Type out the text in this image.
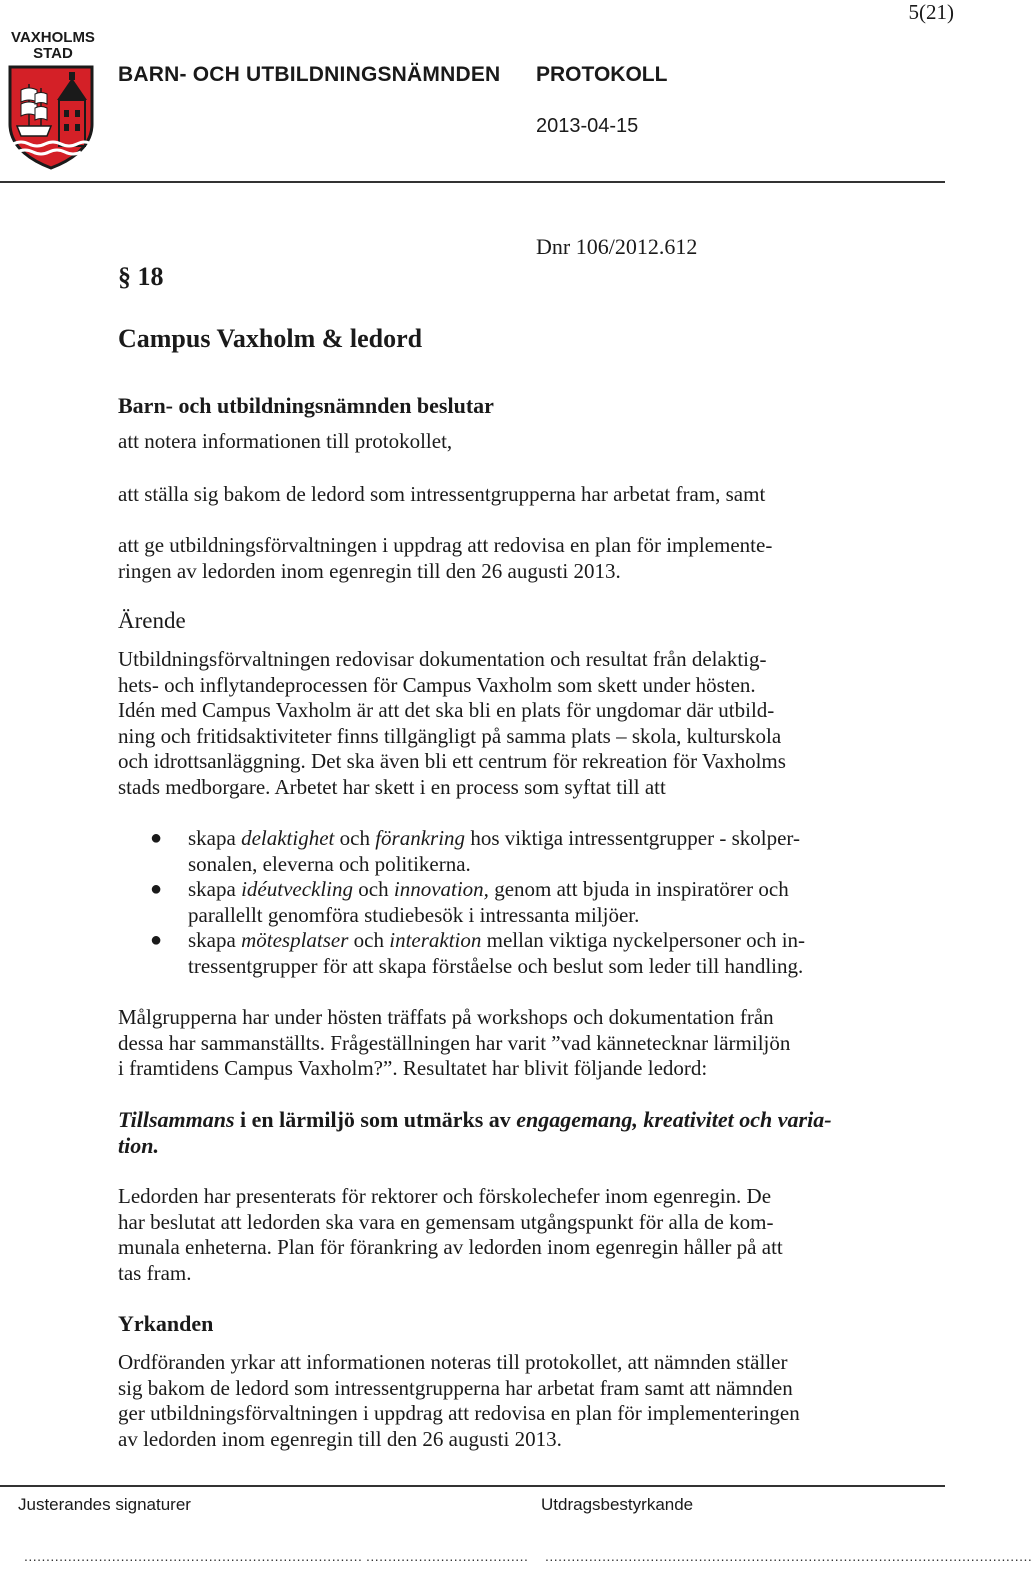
5(21)
VAXHOLMS
STAD
BARN- OCH UTBILDNINGSNÄMNDEN PROTOKOLL
2013-04-15
Dnr 106/2012.612
§ 18
Campus Vaxholm & ledord
Barn- och utbildningsnämnden beslutar
att notera informationen till protokollet,
att ställa sig bakom de ledord som intressentgrupperna har arbetat fram, samt
att ge utbildningsförvaltningen i uppdrag att redovisa en plan för implemente-
ringen av ledorden inom egenregin till den 26 augusti 2013.
Ärende
Utbildningsförvaltningen redovisar dokumentation och resultat från delaktig-
hets- och inflytandeprocessen för Campus Vaxholm som skett under hösten.
Idén med Campus Vaxholm är att det ska bli en plats för ungdomar där utbild-
ning och fritidsaktiviteter finns tillgängligt på samma plats – skola, kulturskola
och idrottsanläggning. Det ska även bli ett centrum för rekreation för Vaxholms
stads medborgare. Arbetet har skett i en process som syftat till att
● skapa delaktighet och förankring hos viktiga intressentgrupper - skolper-
sonalen, eleverna och politikerna.
● skapa idéutveckling och innovation, genom att bjuda in inspiratörer och
parallellt genomföra studiebesök i intressanta miljöer.
● skapa mötesplatser och interaktion mellan viktiga nyckelpersoner och in-
tressentgrupper för att skapa förståelse och beslut som leder till handling.
Målgrupperna har under hösten träffats på workshops och dokumentation från
dessa har sammanställts. Frågeställningen har varit ”vad kännetecknar lärmiljön
i framtidens Campus Vaxholm?”. Resultatet har blivit följande ledord:
Tillsammans i en lärmiljö som utmärks av engagemang, kreativitet och varia-
tion.
Ledorden har presenterats för rektorer och förskolechefer inom egenregin. De
har beslutat att ledorden ska vara en gemensam utgångspunkt för alla de kom-
munala enheterna. Plan för förankring av ledorden inom egenregin håller på att
tas fram.
Yrkanden
Ordföranden yrkar att informationen noteras till protokollet, att nämnden ställer
sig bakom de ledord som intressentgrupperna har arbetat fram samt att nämnden
ger utbildningsförvaltningen i uppdrag att redovisa en plan för implementeringen
av ledorden inom egenregin till den 26 augusti 2013.
Justerandes signaturer	Utdragsbestyrkande
........................................ ..................................... ..................................... ...............................................................................................................
